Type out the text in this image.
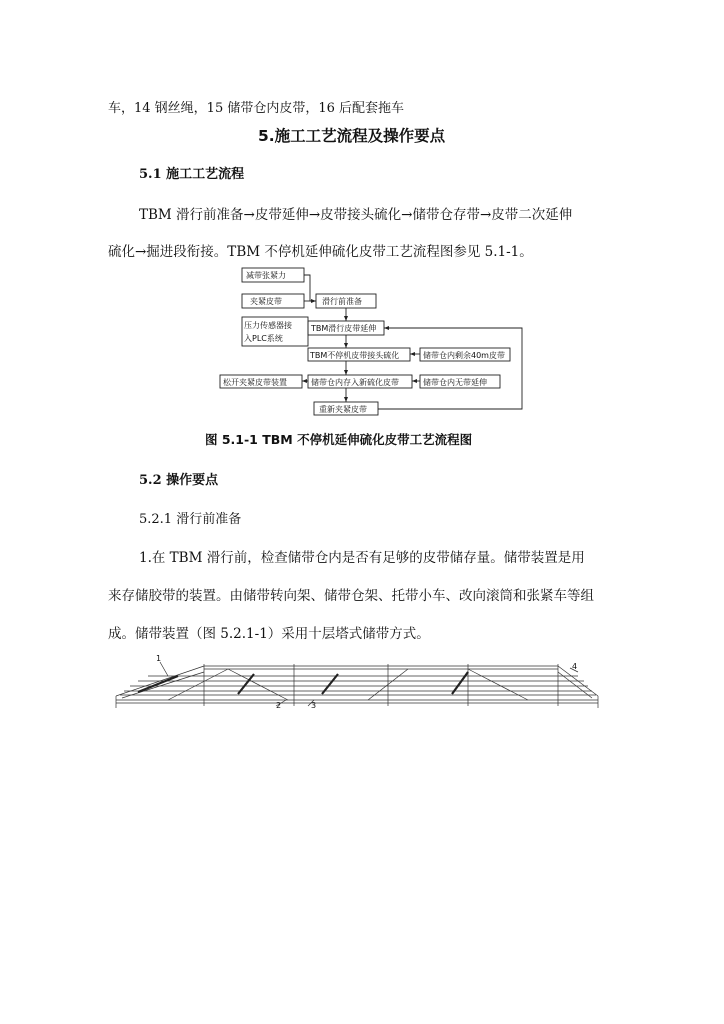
车，14 钢丝绳，15 储带仓内皮带，16 后配套拖车
5.施工工艺流程及操作要点
5.1 施工工艺流程
TBM 滑行前准备→皮带延伸→皮带接头硫化→储带仓存带→皮带二次延伸
硫化→掘进段衔接。TBM 不停机延伸硫化皮带工艺流程图参见 5.1-1。
减带张紧力
夹紧皮带
压力传感器接
入PLC系统
滑行前准备
TBM滑行皮带延伸
TBM不停机皮带接头硫化	储带仓内剩余40m皮带
松开夹紧皮带装置	储带仓内存入新硫化皮带	储带仓内无带延伸
重新夹紧皮带
图 5.1-1 TBM 不停机延伸硫化皮带工艺流程图
5.2 操作要点
5.2.1 滑行前准备
1.在 TBM 滑行前，检查储带仓内是否有足够的皮带储存量。储带装置是用
来存储胶带的装置。由储带转向架、储带仓架、托带小车、改向滚筒和张紧车等组
成。储带装置（图 5.2.1-1）采用十层塔式储带方式。
1
2	3
4
